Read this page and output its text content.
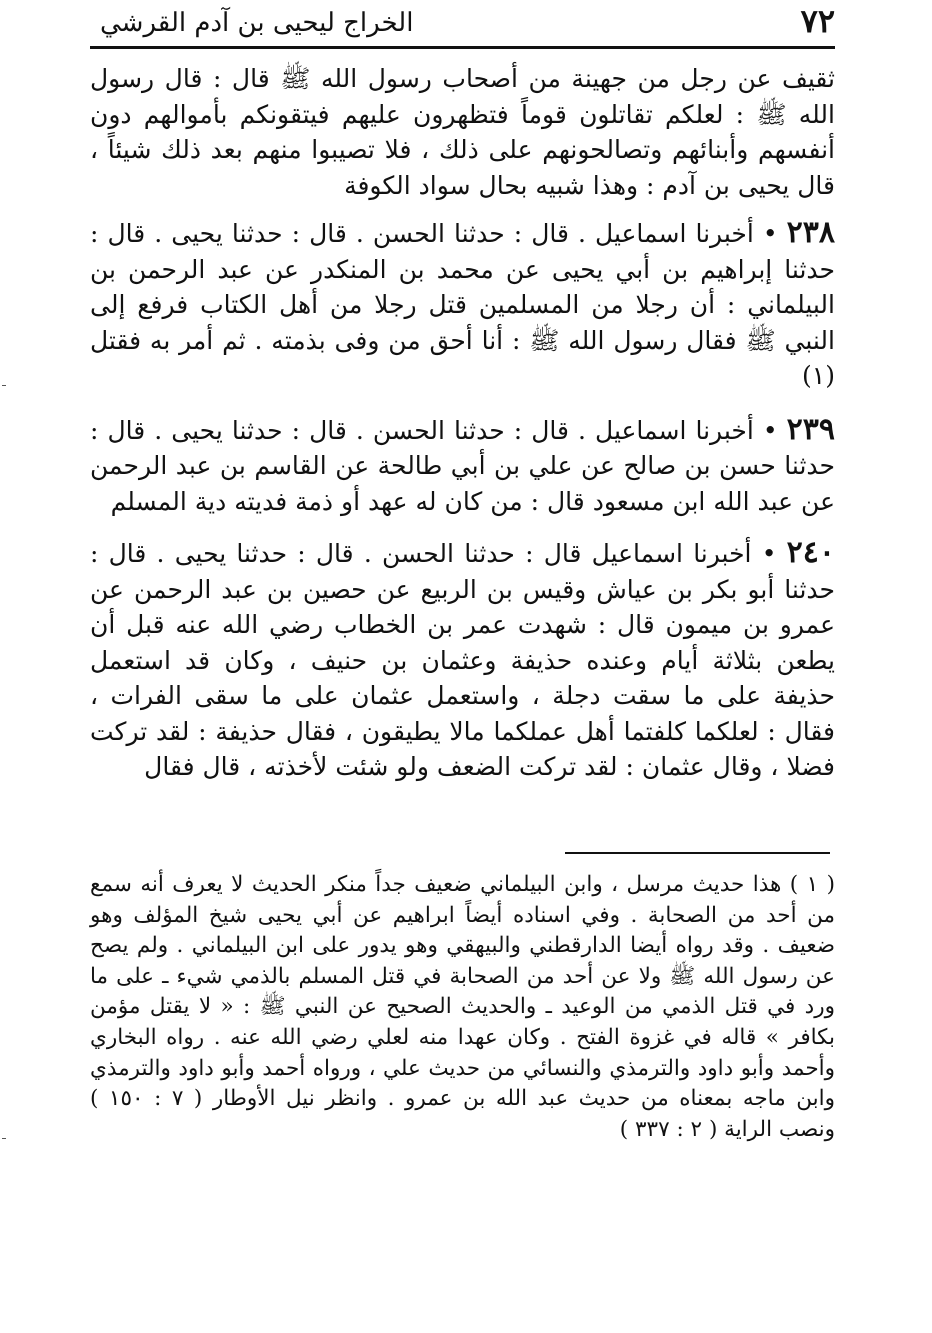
٧٢
الخراج ليحيى بن آدم القرشي

ثقيف عن رجل من جهينة من أصحاب رسول الله ﷺ قال : قال رسول الله ﷺ : لعلكم تقاتلون قوماً فتظهرون عليهم فيتقونكم بأموالهم دون أنفسهم وأبنائهم وتصالحونهم على ذلك ، فلا تصيبوا منهم بعد ذلك شيئاً ، قال يحيى بن آدم : وهذا شبيه بحال سواد الكوفة

٢٣٨ • أخبرنا اسماعيل . قال : حدثنا الحسن . قال : حدثنا يحيى . قال : حدثنا إبراهيم بن أبي يحيى عن محمد بن المنكدر عن عبد الرحمن بن البيلماني : أن رجلا من المسلمين قتل رجلا من أهل الكتاب فرفع إلى النبي ﷺ فقال رسول الله ﷺ : أنا أحق من وفى بذمته . ثم أمر به فقتل (١)

٢٣٩ • أخبرنا اسماعيل . قال : حدثنا الحسن . قال : حدثنا يحيى . قال : حدثنا حسن بن صالح عن علي بن أبي طالحة عن القاسم بن عبد الرحمن عن عبد الله ابن مسعود قال : من كان له عهد أو ذمة فديته دية المسلم

٢٤٠ • أخبرنا اسماعيل قال : حدثنا الحسن . قال : حدثنا يحيى . قال : حدثنا أبو بكر بن عياش وقيس بن الربيع عن حصين بن عبد الرحمن عن عمرو بن ميمون قال : شهدت عمر بن الخطاب رضي الله عنه قبل أن يطعن بثلاثة أيام وعنده حذيفة وعثمان بن حنيف ، وكان قد استعمل حذيفة على ما سقت دجلة ، واستعمل عثمان على ما سقى الفرات ، فقال : لعلكما كلفتما أهل عملكما مالا يطيقون ، فقال حذيفة : لقد تركت فضلا ، وقال عثمان : لقد تركت الضعف ولو شئت لأخذته ، قال فقال

( ١ ) هذا حديث مرسل ، وابن البيلماني ضعيف جداً منكر الحديث لا يعرف أنه سمع من أحد من الصحابة . وفي اسناده أيضاً ابراهيم عن أبي يحيى شيخ المؤلف وهو ضعيف . وقد رواه أيضا الدارقطني والبيهقي وهو يدور على ابن البيلماني . ولم يصح عن رسول الله ﷺ ولا عن أحد من الصحابة في قتل المسلم بالذمي شيء ـ على ما ورد في قتل الذمي من الوعيد ـ والحديث الصحيح عن النبي ﷺ : « لا يقتل مؤمن بكافر » قاله في غزوة الفتح . وكان عهدا منه لعلي رضي الله عنه . رواه البخاري وأحمد وأبو داود والترمذي والنسائي من حديث علي ، ورواه أحمد وأبو داود والترمذي وابن ماجه بمعناه من حديث عبد الله بن عمرو . وانظر نيل الأوطار ( ٧ : ١٥٠ ) ونصب الراية ( ٢ : ٣٣٧ )
